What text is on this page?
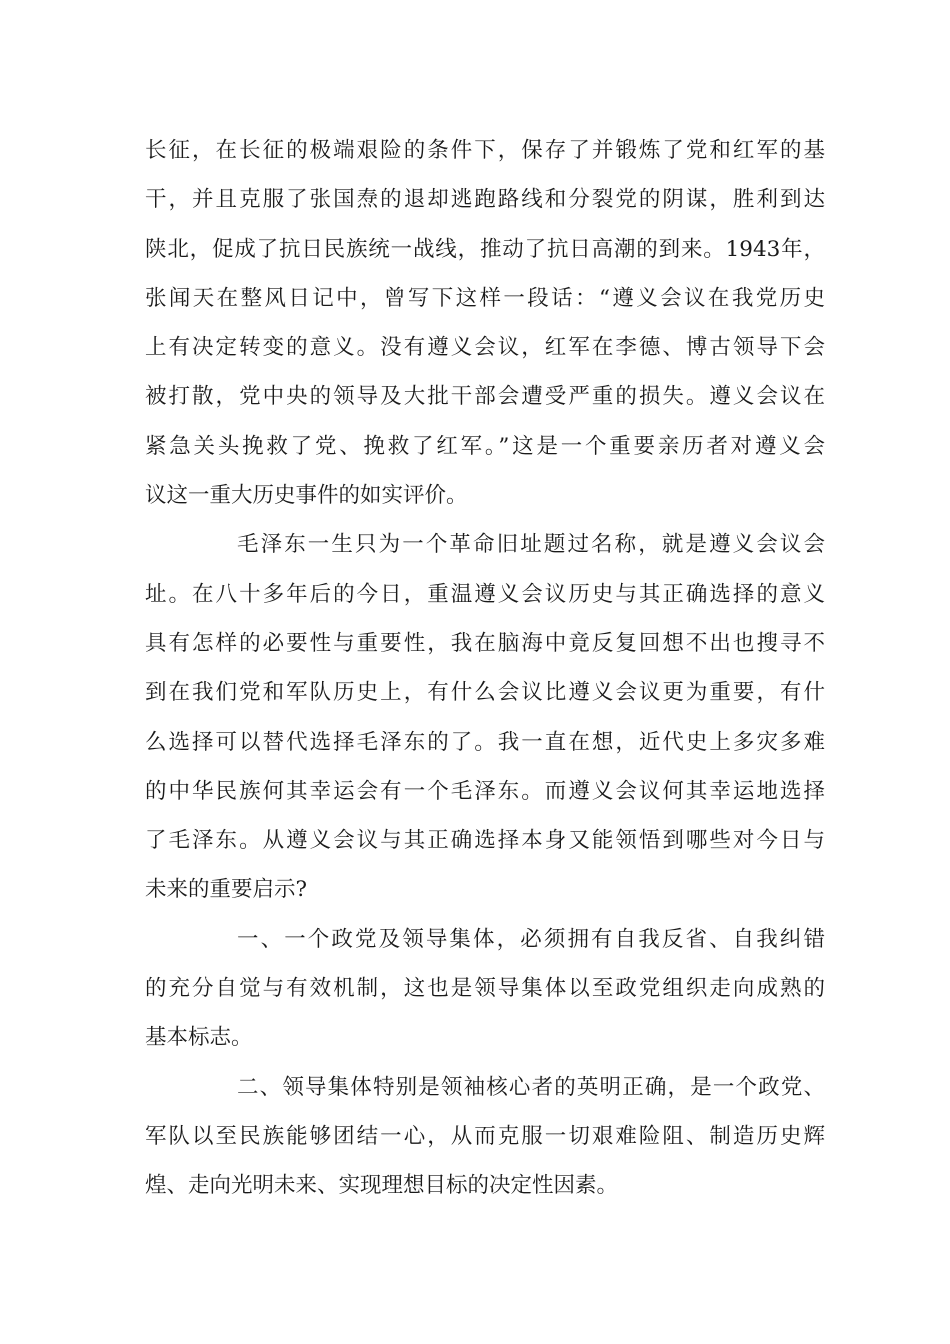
长征，在长征的极端艰险的条件下，保存了并锻炼了党和红军的基
干，并且克服了张国焘的退却逃跑路线和分裂党的阴谋，胜利到达
陕北，促成了抗日民族统一战线，推动了抗日高潮的到来。1943年，
张闻天在整风日记中，曾写下这样一段话：“遵义会议在我党历史
上有决定转变的意义。没有遵义会议，红军在李德、博古领导下会
被打散，党中央的领导及大批干部会遭受严重的损失。遵义会议在
紧急关头挽救了党、挽救了红军。”这是一个重要亲历者对遵义会
议这一重大历史事件的如实评价。
毛泽东一生只为一个革命旧址题过名称，就是遵义会议会
址。在八十多年后的今日，重温遵义会议历史与其正确选择的意义
具有怎样的必要性与重要性，我在脑海中竟反复回想不出也搜寻不
到在我们党和军队历史上，有什么会议比遵义会议更为重要，有什
么选择可以替代选择毛泽东的了。我一直在想，近代史上多灾多难
的中华民族何其幸运会有一个毛泽东。而遵义会议何其幸运地选择
了毛泽东。从遵义会议与其正确选择本身又能领悟到哪些对今日与
未来的重要启示?
一、一个政党及领导集体，必须拥有自我反省、自我纠错
的充分自觉与有效机制，这也是领导集体以至政党组织走向成熟的
基本标志。
二、领导集体特别是领袖核心者的英明正确，是一个政党、
军队以至民族能够团结一心，从而克服一切艰难险阻、制造历史辉
煌、走向光明未来、实现理想目标的决定性因素。
